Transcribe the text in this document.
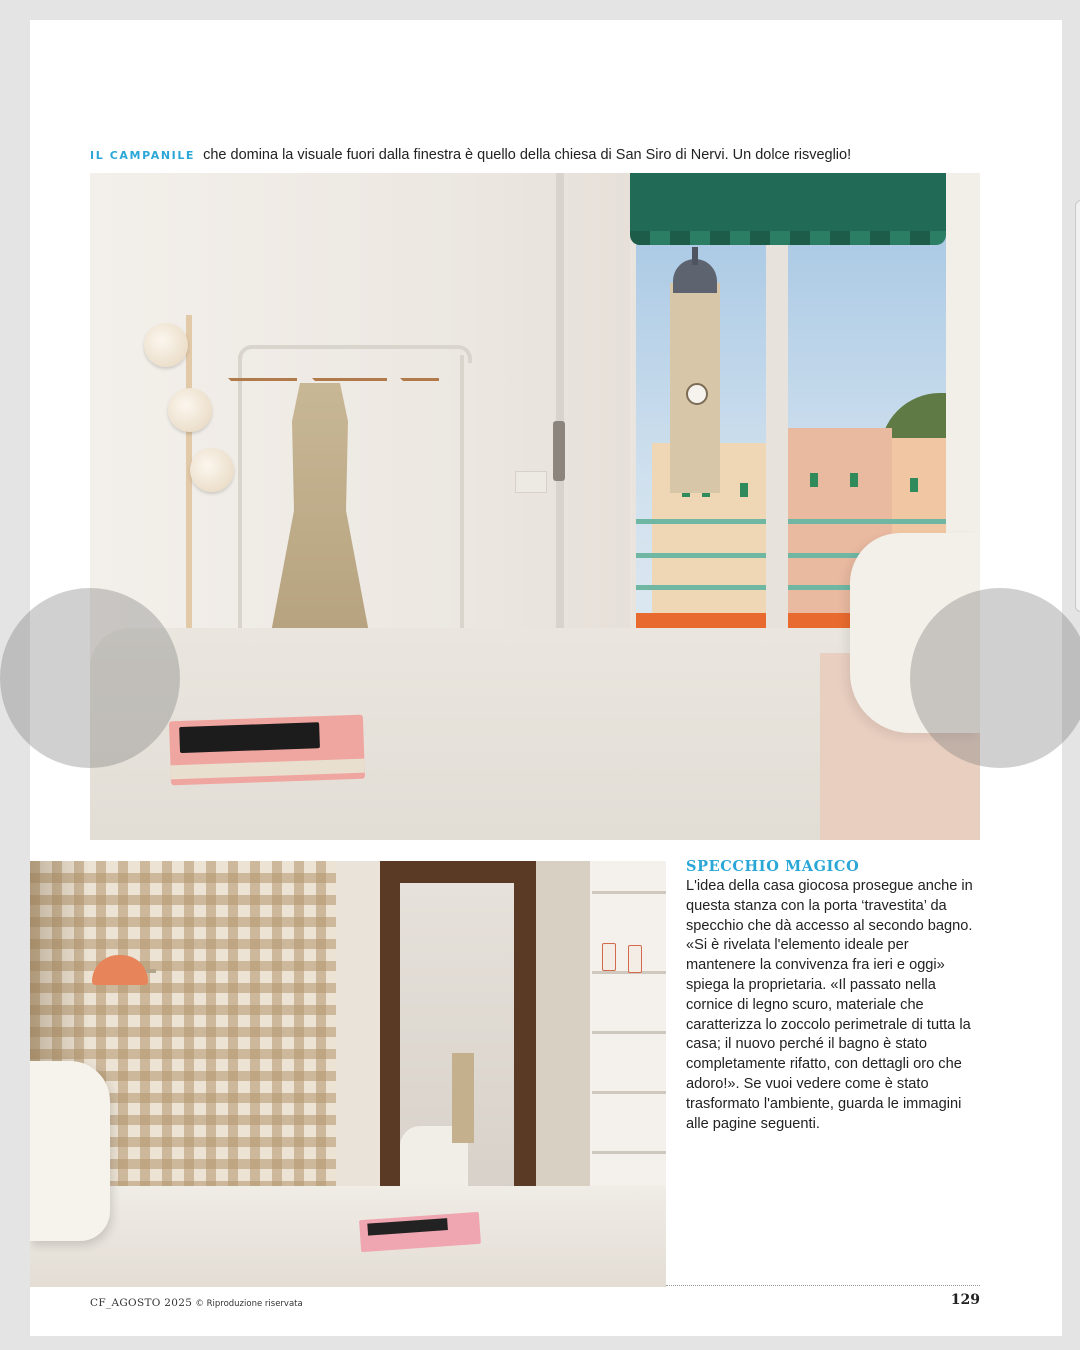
IL CAMPANILE che domina la visuale fuori dalla finestra è quello della chiesa di San Siro di Nervi. Un dolce risveglio!
SPECCHIO MAGICO

L'idea della casa giocosa prosegue anche in questa stanza con la porta ‘travestita’ da specchio che dà accesso al secondo bagno. «Si è rivelata l'elemento ideale per mantenere la convivenza fra ieri e oggi» spiega la proprietaria. «Il passato nella cornice di legno scuro, materiale che caratterizza lo zoccolo perimetrale di tutta la casa; il nuovo perché il bagno è stato completamente rifatto, con dettagli oro che adoro!». Se vuoi vedere come è stato trasformato l'ambiente, guarda le immagini alle pagine seguenti.

CF_AGOSTO 2025 © Riproduzione riservata	129
